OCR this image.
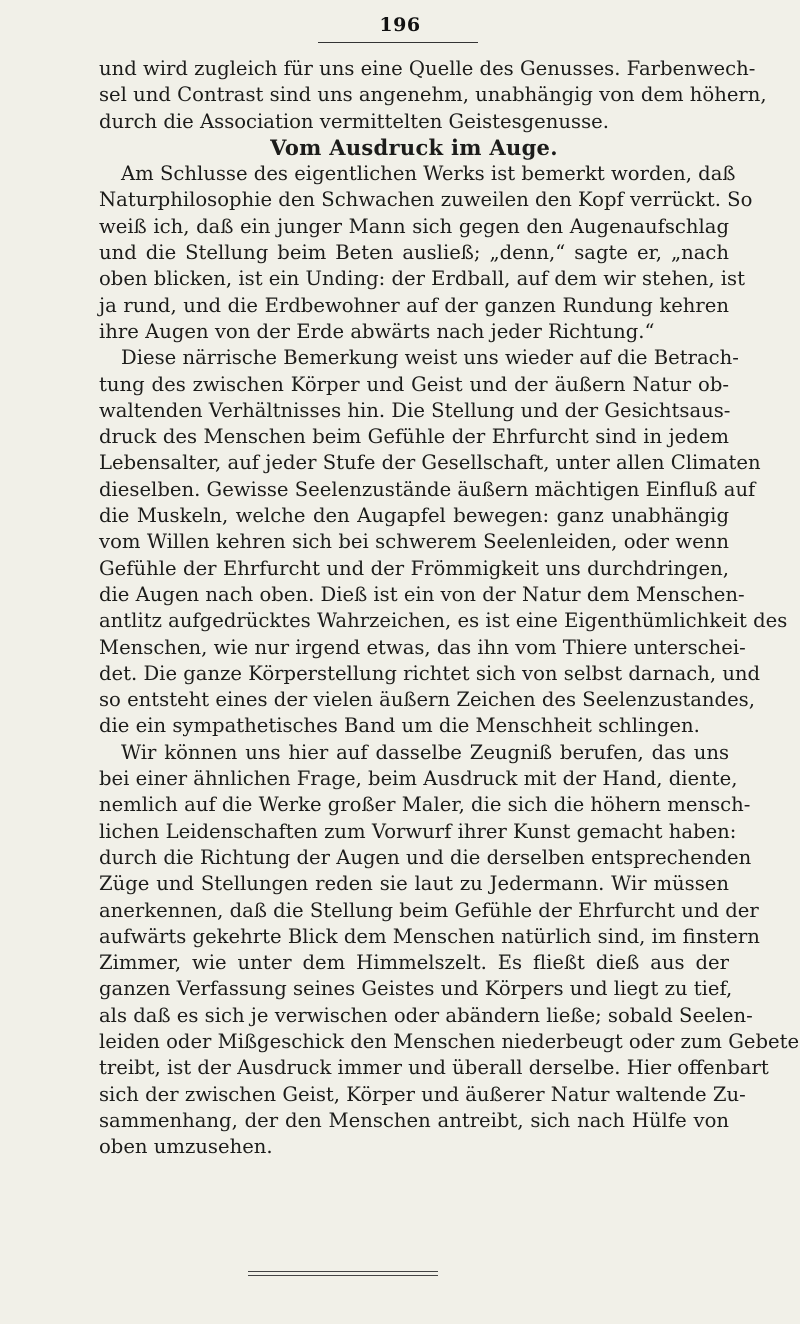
196
und wird zugleich für uns eine Quelle des Genusses. Farbenwech-
sel und Contrast sind uns angenehm, unabhängig von dem höhern,
durch die Association vermittelten Geistesgenusse.
Vom Ausdruck im Auge.
Am Schlusse des eigentlichen Werks ist bemerkt worden, daß
Naturphilosophie den Schwachen zuweilen den Kopf verrückt. So
weiß ich, daß ein junger Mann sich gegen den Augenaufschlag
und die Stellung beim Beten ausließ; „denn,“ sagte er, „nach
oben blicken, ist ein Unding: der Erdball, auf dem wir stehen, ist
ja rund, und die Erdbewohner auf der ganzen Rundung kehren
ihre Augen von der Erde abwärts nach jeder Richtung.“
Diese närrische Bemerkung weist uns wieder auf die Betrach-
tung des zwischen Körper und Geist und der äußern Natur ob-
waltenden Verhältnisses hin. Die Stellung und der Gesichtsaus-
druck des Menschen beim Gefühle der Ehrfurcht sind in jedem
Lebensalter, auf jeder Stufe der Gesellschaft, unter allen Climaten
dieselben. Gewisse Seelenzustände äußern mächtigen Einfluß auf
die Muskeln, welche den Augapfel bewegen: ganz unabhängig
vom Willen kehren sich bei schwerem Seelenleiden, oder wenn
Gefühle der Ehrfurcht und der Frömmigkeit uns durchdringen,
die Augen nach oben. Dieß ist ein von der Natur dem Menschen-
antlitz aufgedrücktes Wahrzeichen, es ist eine Eigenthümlichkeit des
Menschen, wie nur irgend etwas, das ihn vom Thiere unterschei-
det. Die ganze Körperstellung richtet sich von selbst darnach, und
so entsteht eines der vielen äußern Zeichen des Seelenzustandes,
die ein sympathetisches Band um die Menschheit schlingen.
Wir können uns hier auf dasselbe Zeugniß berufen, das uns
bei einer ähnlichen Frage, beim Ausdruck mit der Hand, diente,
nemlich auf die Werke großer Maler, die sich die höhern mensch-
lichen Leidenschaften zum Vorwurf ihrer Kunst gemacht haben:
durch die Richtung der Augen und die derselben entsprechenden
Züge und Stellungen reden sie laut zu Jedermann. Wir müssen
anerkennen, daß die Stellung beim Gefühle der Ehrfurcht und der
aufwärts gekehrte Blick dem Menschen natürlich sind, im finstern
Zimmer, wie unter dem Himmelszelt. Es fließt dieß aus der
ganzen Verfassung seines Geistes und Körpers und liegt zu tief,
als daß es sich je verwischen oder abändern ließe; sobald Seelen-
leiden oder Mißgeschick den Menschen niederbeugt oder zum Gebete
treibt, ist der Ausdruck immer und überall derselbe. Hier offenbart
sich der zwischen Geist, Körper und äußerer Natur waltende Zu-
sammenhang, der den Menschen antreibt, sich nach Hülfe von
oben umzusehen.
